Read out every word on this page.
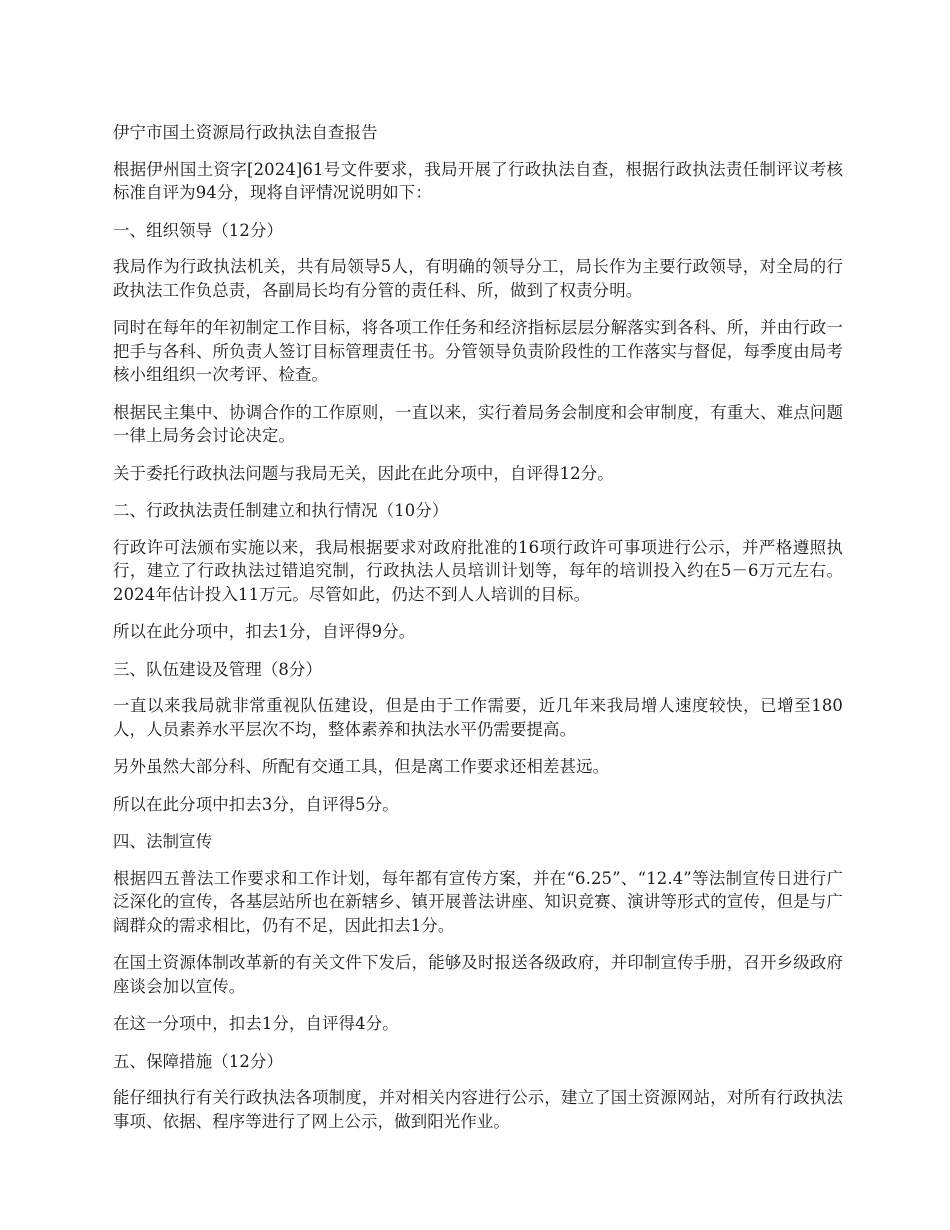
伊宁市国土资源局行政执法自查报告

根据伊州国土资字[2024]61号文件要求，我局开展了行政执法自查，根据行政执法责任制评议考核标准自评为94分，现将自评情况说明如下：

一、组织领导（12分）

我局作为行政执法机关，共有局领导5人，有明确的领导分工，局长作为主要行政领导，对全局的行政执法工作负总责，各副局长均有分管的责任科、所，做到了权责分明。

同时在每年的年初制定工作目标，将各项工作任务和经济指标层层分解落实到各科、所，并由行政一把手与各科、所负责人签订目标管理责任书。分管领导负责阶段性的工作落实与督促，每季度由局考核小组组织一次考评、检查。

根据民主集中、协调合作的工作原则，一直以来，实行着局务会制度和会审制度，有重大、难点问题一律上局务会讨论决定。

关于委托行政执法问题与我局无关，因此在此分项中，自评得12分。

二、行政执法责任制建立和执行情况（10分）

行政许可法颁布实施以来，我局根据要求对政府批准的16项行政许可事项进行公示，并严格遵照执行，建立了行政执法过错追究制，行政执法人员培训计划等，每年的培训投入约在5－6万元左右。2024年估计投入11万元。尽管如此，仍达不到人人培训的目标。

所以在此分项中，扣去1分，自评得9分。

三、队伍建设及管理（8分）

一直以来我局就非常重视队伍建设，但是由于工作需要，近几年来我局增人速度较快，已增至180人，人员素养水平层次不均，整体素养和执法水平仍需要提高。

另外虽然大部分科、所配有交通工具，但是离工作要求还相差甚远。

所以在此分项中扣去3分，自评得5分。

四、法制宣传

根据四五普法工作要求和工作计划，每年都有宣传方案，并在“6.25”、“12.4”等法制宣传日进行广泛深化的宣传，各基层站所也在新辖乡、镇开展普法讲座、知识竞赛、演讲等形式的宣传，但是与广阔群众的需求相比，仍有不足，因此扣去1分。

在国土资源体制改革新的有关文件下发后，能够及时报送各级政府，并印制宣传手册，召开乡级政府座谈会加以宣传。

在这一分项中，扣去1分，自评得4分。

五、保障措施（12分）

能仔细执行有关行政执法各项制度，并对相关内容进行公示，建立了国土资源网站，对所有行政执法事项、依据、程序等进行了网上公示，做到阳光作业。
